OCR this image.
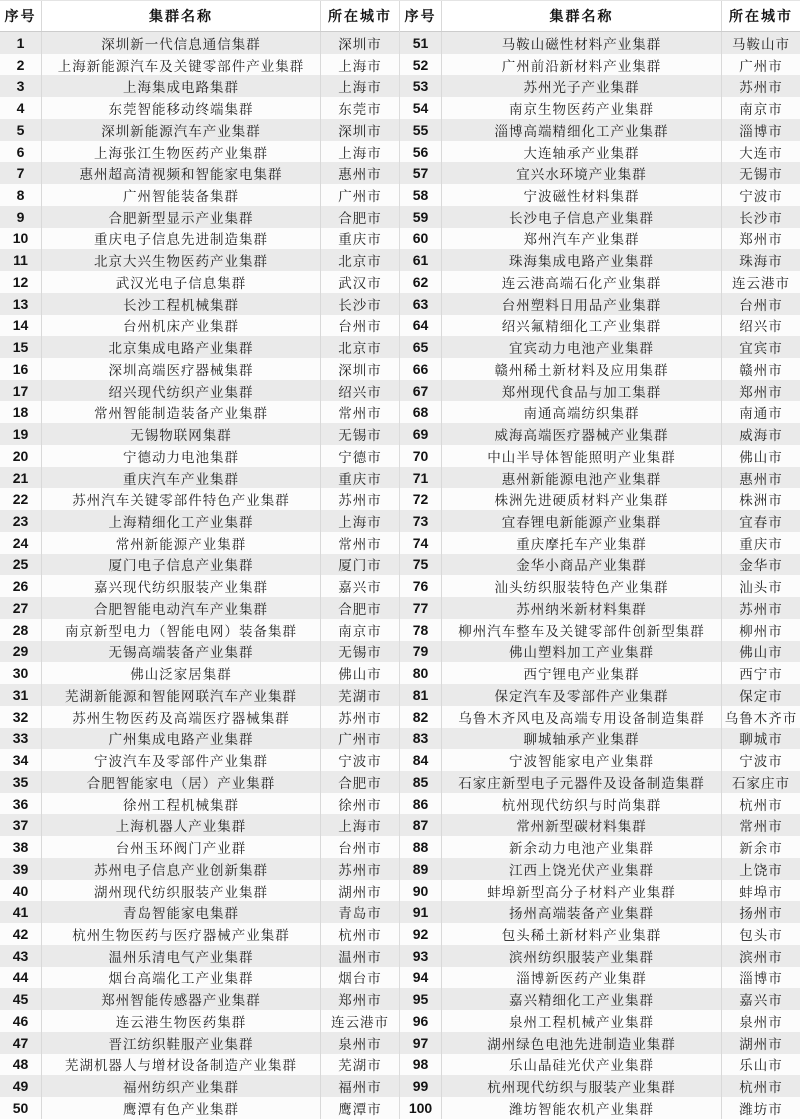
序号	集群名称	所在城市
1	深圳新一代信息通信集群	深圳市
2	上海新能源汽车及关键零部件产业集群	上海市
3	上海集成电路集群	上海市
4	东莞智能移动终端集群	东莞市
5	深圳新能源汽车产业集群	深圳市
6	上海张江生物医药产业集群	上海市
7	惠州超高清视频和智能家电集群	惠州市
8	广州智能装备集群	广州市
9	合肥新型显示产业集群	合肥市
10	重庆电子信息先进制造集群	重庆市
11	北京大兴生物医药产业集群	北京市
12	武汉光电子信息集群	武汉市
13	长沙工程机械集群	长沙市
14	台州机床产业集群	台州市
15	北京集成电路产业集群	北京市
16	深圳高端医疗器械集群	深圳市
17	绍兴现代纺织产业集群	绍兴市
18	常州智能制造装备产业集群	常州市
19	无锡物联网集群	无锡市
20	宁德动力电池集群	宁德市
21	重庆汽车产业集群	重庆市
22	苏州汽车关键零部件特色产业集群	苏州市
23	上海精细化工产业集群	上海市
24	常州新能源产业集群	常州市
25	厦门电子信息产业集群	厦门市
26	嘉兴现代纺织服装产业集群	嘉兴市
27	合肥智能电动汽车产业集群	合肥市
28	南京新型电力（智能电网）装备集群	南京市
29	无锡高端装备产业集群	无锡市
30	佛山泛家居集群	佛山市
31	芜湖新能源和智能网联汽车产业集群	芜湖市
32	苏州生物医药及高端医疗器械集群	苏州市
33	广州集成电路产业集群	广州市
34	宁波汽车及零部件产业集群	宁波市
35	合肥智能家电（居）产业集群	合肥市
36	徐州工程机械集群	徐州市
37	上海机器人产业集群	上海市
38	台州玉环阀门产业群	台州市
39	苏州电子信息产业创新集群	苏州市
40	湖州现代纺织服装产业集群	湖州市
41	青岛智能家电集群	青岛市
42	杭州生物医药与医疗器械产业集群	杭州市
43	温州乐清电气产业集群	温州市
44	烟台高端化工产业集群	烟台市
45	郑州智能传感器产业集群	郑州市
46	连云港生物医药集群	连云港市
47	晋江纺织鞋服产业集群	泉州市
48	芜湖机器人与增材设备制造产业集群	芜湖市
49	福州纺织产业集群	福州市
50	鹰潭有色产业集群	鹰潭市
序号	集群名称	所在城市
51	马鞍山磁性材料产业集群	马鞍山市
52	广州前沿新材料产业集群	广州市
53	苏州光子产业集群	苏州市
54	南京生物医药产业集群	南京市
55	淄博高端精细化工产业集群	淄博市
56	大连轴承产业集群	大连市
57	宜兴水环境产业集群	无锡市
58	宁波磁性材料集群	宁波市
59	长沙电子信息产业集群	长沙市
60	郑州汽车产业集群	郑州市
61	珠海集成电路产业集群	珠海市
62	连云港高端石化产业集群	连云港市
63	台州塑料日用品产业集群	台州市
64	绍兴氟精细化工产业集群	绍兴市
65	宜宾动力电池产业集群	宜宾市
66	赣州稀土新材料及应用集群	赣州市
67	郑州现代食品与加工集群	郑州市
68	南通高端纺织集群	南通市
69	威海高端医疗器械产业集群	威海市
70	中山半导体智能照明产业集群	佛山市
71	惠州新能源电池产业集群	惠州市
72	株洲先进硬质材料产业集群	株洲市
73	宜春锂电新能源产业集群	宜春市
74	重庆摩托车产业集群	重庆市
75	金华小商品产业集群	金华市
76	汕头纺织服装特色产业集群	汕头市
77	苏州纳米新材料集群	苏州市
78	柳州汽车整车及关键零部件创新型集群	柳州市
79	佛山塑料加工产业集群	佛山市
80	西宁锂电产业集群	西宁市
81	保定汽车及零部件产业集群	保定市
82	乌鲁木齐风电及高端专用设备制造集群	乌鲁木齐市
83	聊城轴承产业集群	聊城市
84	宁波智能家电产业集群	宁波市
85	石家庄新型电子元器件及设备制造集群	石家庄市
86	杭州现代纺织与时尚集群	杭州市
87	常州新型碳材料集群	常州市
88	新余动力电池产业集群	新余市
89	江西上饶光伏产业集群	上饶市
90	蚌埠新型高分子材料产业集群	蚌埠市
91	扬州高端装备产业集群	扬州市
92	包头稀土新材料产业集群	包头市
93	滨州纺织服装产业集群	滨州市
94	淄博新医药产业集群	淄博市
95	嘉兴精细化工产业集群	嘉兴市
96	泉州工程机械产业集群	泉州市
97	湖州绿色电池先进制造业集群	湖州市
98	乐山晶硅光伏产业集群	乐山市
99	杭州现代纺织与服装产业集群	杭州市
100	潍坊智能农机产业集群	潍坊市
